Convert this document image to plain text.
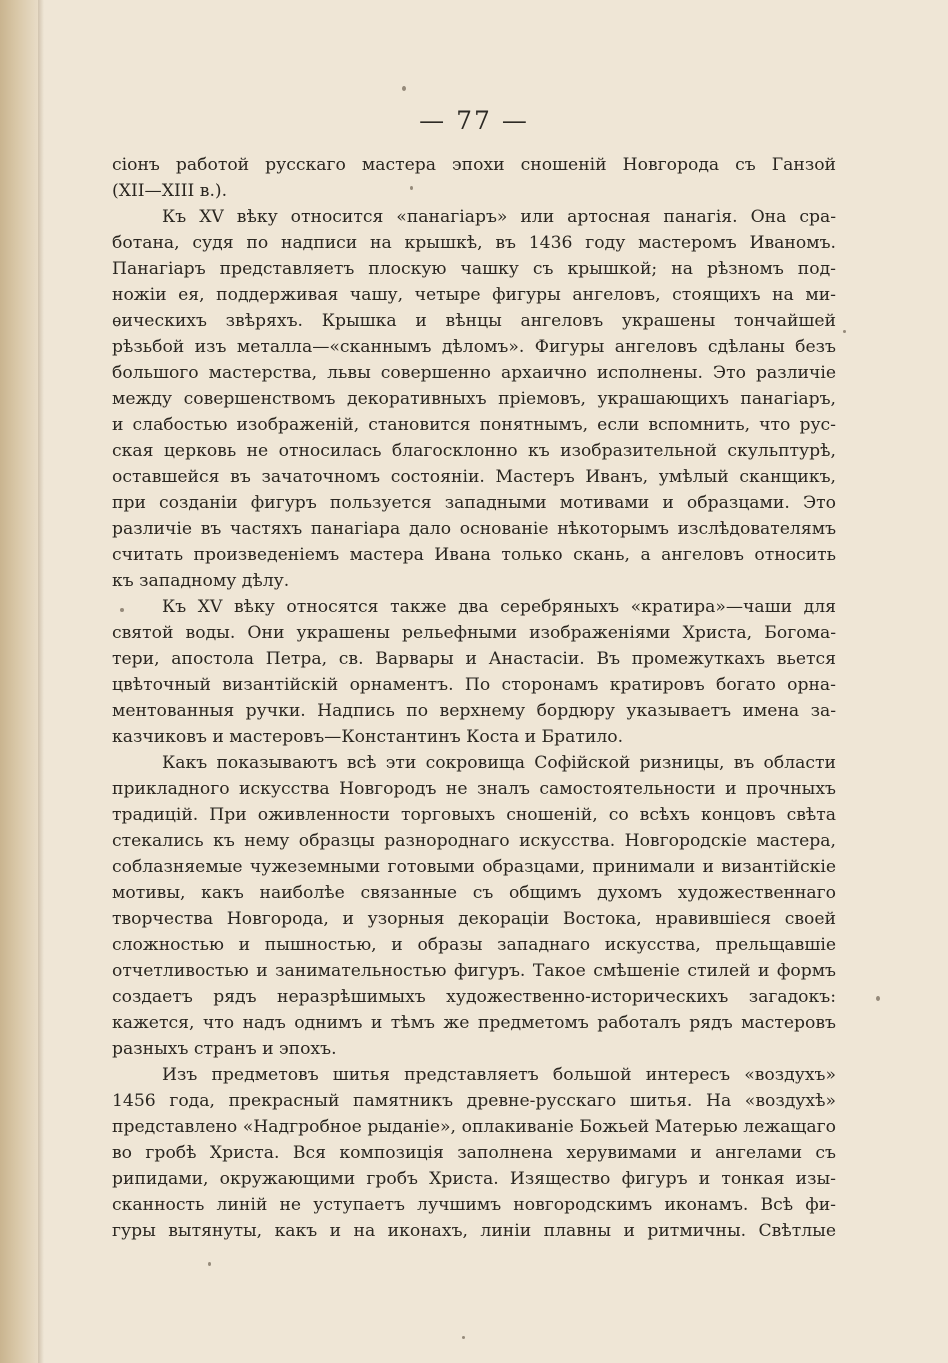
— 77 —
сіонъ работой русскаго мастера эпохи сношеній Новгорода съ Ганзой
(XII—XIII в.).
Къ XV вѣку относится «панагіаръ» или артосная панагія. Она сра-
ботана, судя по надписи на крышкѣ, въ 1436 году мастеромъ Иваномъ.
Панагіаръ представляетъ плоскую чашку съ крышкой; на рѣзномъ под-
ножіи ея, поддерживая чашу, четыре фигуры ангеловъ, стоящихъ на ми-
ѳическихъ звѣряхъ. Крышка и вѣнцы ангеловъ украшены тончайшей
рѣзьбой изъ металла—«сканнымъ дѣломъ». Фигуры ангеловъ сдѣланы безъ
большого мастерства, львы совершенно архаично исполнены. Это различіе
между совершенствомъ декоративныхъ пріемовъ, украшающихъ панагіаръ,
и слабостью изображеній, становится понятнымъ, если вспомнить, что рус-
ская церковь не относилась благосклонно къ изобразительной скульптурѣ,
оставшейся въ зачаточномъ состояніи. Мастеръ Иванъ, умѣлый сканщикъ,
при созданіи фигуръ пользуется западными мотивами и образцами. Это
различіе въ частяхъ панагіара дало основаніе нѣкоторымъ изслѣдователямъ
считать произведеніемъ мастера Ивана только скань, а ангеловъ относить
къ западному дѣлу.
Къ XV вѣку относятся также два серебряныхъ «кратира»—чаши для
святой воды. Они украшены рельефными изображеніями Христа, Богома-
тери, апостола Петра, св. Варвары и Анастасіи. Въ промежуткахъ вьется
цвѣточный византійскій орнаментъ. По сторонамъ кратировъ богато орна-
ментованныя ручки. Надпись по верхнему бордюру указываетъ имена за-
казчиковъ и мастеровъ—Константинъ Коста и Братило.
Какъ показываютъ всѣ эти сокровища Софійской ризницы, въ области
прикладного искусства Новгородъ не зналъ самостоятельности и прочныхъ
традицій. При оживленности торговыхъ сношеній, со всѣхъ концовъ свѣта
стекались къ нему образцы разнороднаго искусства. Новгородскіе мастера,
соблазняемые чужеземными готовыми образцами, принимали и византійскіе
мотивы, какъ наиболѣе связанные съ общимъ духомъ художественнаго
творчества Новгорода, и узорныя декораціи Востока, нравившіеся своей
сложностью и пышностью, и образы западнаго искусства, прельщавшіе
отчетливостью и занимательностью фигуръ. Такое смѣшеніе стилей и формъ
создаетъ рядъ неразрѣшимыхъ художественно-историческихъ загадокъ:
кажется, что надъ однимъ и тѣмъ же предметомъ работалъ рядъ мастеровъ
разныхъ странъ и эпохъ.
Изъ предметовъ шитья представляетъ большой интересъ «воздухъ»
1456 года, прекрасный памятникъ древне-русскаго шитья. На «воздухѣ»
представлено «Надгробное рыданіе», оплакиваніе Божьей Матерью лежащаго
во гробѣ Христа. Вся композиція заполнена херувимами и ангелами съ
рипидами, окружающими гробъ Христа. Изящество фигуръ и тонкая изы-
сканность линій не уступаетъ лучшимъ новгородскимъ иконамъ. Всѣ фи-
гуры вытянуты, какъ и на иконахъ, линіи плавны и ритмичны. Свѣтлые
